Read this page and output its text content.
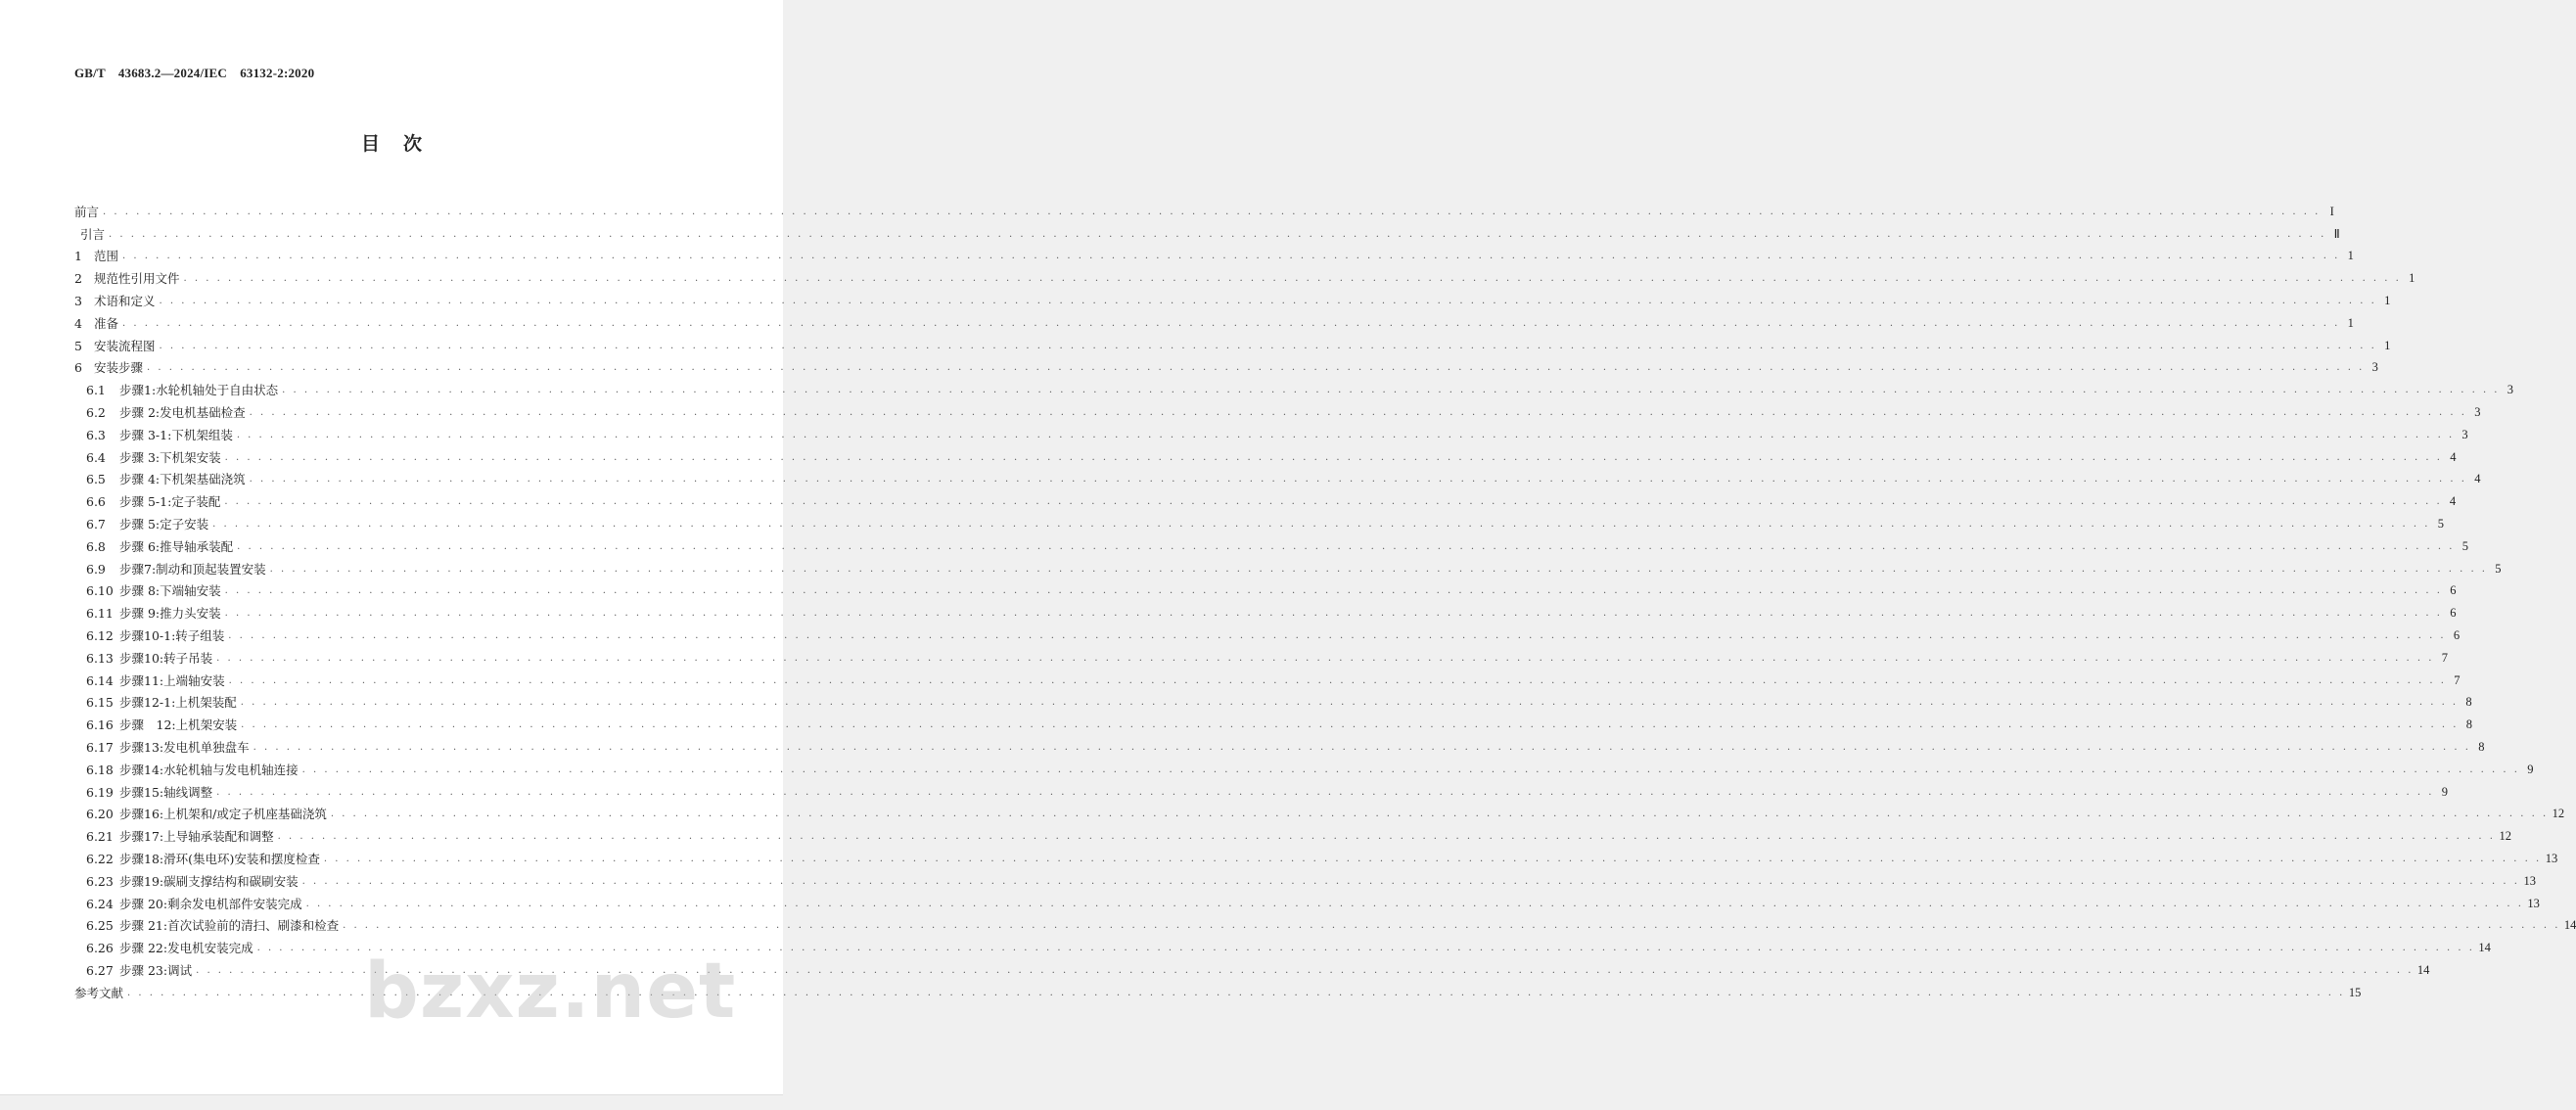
GB/T　43683.2—2024/IEC　63132-2:2020
目 次
前言 . . . . . . . . . . . . . . . . . . . . . . . . . . . . . . . . . . . . . . . . . . . . . . . . . . . . . . . . . . . . . . . . . . . . . . . . . . . . . . . . . . . . . . . . . . . . . . . . . . . . . . . . . . . . . . . . . . . . . . . . . . . . . . . . . . . . . . . . . . . . . . . . . . . . . . . . . . . . . . . . . . . . . . . . . . . . . . . . . . . . . . . . . . . . . . . . . . . . . . . . I
引言 . . . . . . . . . . . . . . . . . . . . . . . . . . . . . . . . . . . . . . . . . . . . . . . . . . . . . . . . . . . . . . . . . . . . . . . . . . . . . . . . . . . . . . . . . . . . . . . . . . . . . . . . . . . . . . . . . . . . . . . . . . . . . . . . . . . . . . . . . . . . . . . . . . . . . . . . . . . . . . . . . . . . . . . . . . . . . . . . . . . . . . . . . . . . . . . . . . . . . . . . Ⅱ
1 范围 . . . . . . . . . . . . . . . . . . . . . . . . . . . . . . . . . . . . . . . . . . . . . . . . . . . . . . . . . . . . . . . . . . . . . . . . . . . . . . . . . . . . . . . . . . . . . . . . . . . . . . . . . . . . . . . . . . . . . . . . . . . . . . . . . . . . . . . . . . . . . . . . . . . . . . . . . . . . . . . . . . . . . . . . . . . . . . . . . . . . . . . . . . . . . . . . . . . . . . . . 1
2 规范性引用文件 . . . . . . . . . . . . . . . . . . . . . . . . . . . . . . . . . . . . . . . . . . . . . . . . . . . . . . . . . . . . . . . . . . . . . . . . . . . . . . . . . . . . . . . . . . . . . . . . . . . . . . . . . . . . . . . . . . . . . . . . . . . . . . . . . . . . . . . . . . . . . . . . . . . . . . . . . . . . . . . . . . . . . . . . . . . . . . . . . . . . . . . . . . . . . . . . . . . . . . . . 1
3 术语和定义 . . . . . . . . . . . . . . . . . . . . . . . . . . . . . . . . . . . . . . . . . . . . . . . . . . . . . . . . . . . . . . . . . . . . . . . . . . . . . . . . . . . . . . . . . . . . . . . . . . . . . . . . . . . . . . . . . . . . . . . . . . . . . . . . . . . . . . . . . . . . . . . . . . . . . . . . . . . . . . . . . . . . . . . . . . . . . . . . . . . . . . . . . . . . . . . . . . . . . . . . 1
4 准备 . . . . . . . . . . . . . . . . . . . . . . . . . . . . . . . . . . . . . . . . . . . . . . . . . . . . . . . . . . . . . . . . . . . . . . . . . . . . . . . . . . . . . . . . . . . . . . . . . . . . . . . . . . . . . . . . . . . . . . . . . . . . . . . . . . . . . . . . . . . . . . . . . . . . . . . . . . . . . . . . . . . . . . . . . . . . . . . . . . . . . . . . . . . . . . . . . . . . . . . . 1
5 安装流程图 . . . . . . . . . . . . . . . . . . . . . . . . . . . . . . . . . . . . . . . . . . . . . . . . . . . . . . . . . . . . . . . . . . . . . . . . . . . . . . . . . . . . . . . . . . . . . . . . . . . . . . . . . . . . . . . . . . . . . . . . . . . . . . . . . . . . . . . . . . . . . . . . . . . . . . . . . . . . . . . . . . . . . . . . . . . . . . . . . . . . . . . . . . . . . . . . . . . . . . . . 1
6 安装步骤 . . . . . . . . . . . . . . . . . . . . . . . . . . . . . . . . . . . . . . . . . . . . . . . . . . . . . . . . . . . . . . . . . . . . . . . . . . . . . . . . . . . . . . . . . . . . . . . . . . . . . . . . . . . . . . . . . . . . . . . . . . . . . . . . . . . . . . . . . . . . . . . . . . . . . . . . . . . . . . . . . . . . . . . . . . . . . . . . . . . . . . . . . . . . . . . . . . . . . . . . 3
6.1	步骤1:水轮机轴处于自由状态 . . . . . . . . . . . . . . . . . . . . . . . . . . . . . . . . . . . . . . . . . . . . . . . . . . . . . . . . . . . . . . . . . . . . . . . . . . . . . . . . . . . . . . . . . . . . . . . . . . . . . . . . . . . . . . . . . . . . . . . . . . . . . . . . . . . . . . . . . . . . . . . . . . . . . . . . . . . . . . . . . . . . . . . . . . . . . . . . . . . . . . . . . . . . . . . . . . . . . . . . 3
6.2	步骤 2:发电机基础检查 . . . . . . . . . . . . . . . . . . . . . . . . . . . . . . . . . . . . . . . . . . . . . . . . . . . . . . . . . . . . . . . . . . . . . . . . . . . . . . . . . . . . . . . . . . . . . . . . . . . . . . . . . . . . . . . . . . . . . . . . . . . . . . . . . . . . . . . . . . . . . . . . . . . . . . . . . . . . . . . . . . . . . . . . . . . . . . . . . . . . . . . . . . . . . . . . . . . . . . . . 3
6.3	步骤 3-1:下机架组装 . . . . . . . . . . . . . . . . . . . . . . . . . . . . . . . . . . . . . . . . . . . . . . . . . . . . . . . . . . . . . . . . . . . . . . . . . . . . . . . . . . . . . . . . . . . . . . . . . . . . . . . . . . . . . . . . . . . . . . . . . . . . . . . . . . . . . . . . . . . . . . . . . . . . . . . . . . . . . . . . . . . . . . . . . . . . . . . . . . . . . . . . . . . . . . . . . . . . . . . . 3
6.4	步骤 3:下机架安装 . . . . . . . . . . . . . . . . . . . . . . . . . . . . . . . . . . . . . . . . . . . . . . . . . . . . . . . . . . . . . . . . . . . . . . . . . . . . . . . . . . . . . . . . . . . . . . . . . . . . . . . . . . . . . . . . . . . . . . . . . . . . . . . . . . . . . . . . . . . . . . . . . . . . . . . . . . . . . . . . . . . . . . . . . . . . . . . . . . . . . . . . . . . . . . . . . . . . . . . . 4
6.5	步骤 4:下机架基础浇筑 . . . . . . . . . . . . . . . . . . . . . . . . . . . . . . . . . . . . . . . . . . . . . . . . . . . . . . . . . . . . . . . . . . . . . . . . . . . . . . . . . . . . . . . . . . . . . . . . . . . . . . . . . . . . . . . . . . . . . . . . . . . . . . . . . . . . . . . . . . . . . . . . . . . . . . . . . . . . . . . . . . . . . . . . . . . . . . . . . . . . . . . . . . . . . . . . . . . . . . . . 4
6.6	步骤 5-1:定子装配 . . . . . . . . . . . . . . . . . . . . . . . . . . . . . . . . . . . . . . . . . . . . . . . . . . . . . . . . . . . . . . . . . . . . . . . . . . . . . . . . . . . . . . . . . . . . . . . . . . . . . . . . . . . . . . . . . . . . . . . . . . . . . . . . . . . . . . . . . . . . . . . . . . . . . . . . . . . . . . . . . . . . . . . . . . . . . . . . . . . . . . . . . . . . . . . . . . . . . . . . 4
6.7	步骤 5:定子安装 . . . . . . . . . . . . . . . . . . . . . . . . . . . . . . . . . . . . . . . . . . . . . . . . . . . . . . . . . . . . . . . . . . . . . . . . . . . . . . . . . . . . . . . . . . . . . . . . . . . . . . . . . . . . . . . . . . . . . . . . . . . . . . . . . . . . . . . . . . . . . . . . . . . . . . . . . . . . . . . . . . . . . . . . . . . . . . . . . . . . . . . . . . . . . . . . . . . . . . . . 5
6.8	步骤 6:推导轴承装配 . . . . . . . . . . . . . . . . . . . . . . . . . . . . . . . . . . . . . . . . . . . . . . . . . . . . . . . . . . . . . . . . . . . . . . . . . . . . . . . . . . . . . . . . . . . . . . . . . . . . . . . . . . . . . . . . . . . . . . . . . . . . . . . . . . . . . . . . . . . . . . . . . . . . . . . . . . . . . . . . . . . . . . . . . . . . . . . . . . . . . . . . . . . . . . . . . . . . . . . . 5
6.9	步骤7:制动和顶起装置安装 . . . . . . . . . . . . . . . . . . . . . . . . . . . . . . . . . . . . . . . . . . . . . . . . . . . . . . . . . . . . . . . . . . . . . . . . . . . . . . . . . . . . . . . . . . . . . . . . . . . . . . . . . . . . . . . . . . . . . . . . . . . . . . . . . . . . . . . . . . . . . . . . . . . . . . . . . . . . . . . . . . . . . . . . . . . . . . . . . . . . . . . . . . . . . . . . . . . . . . . . 5
6.10 步骤 8:下端轴安装 . . . . . . . . . . . . . . . . . . . . . . . . . . . . . . . . . . . . . . . . . . . . . . . . . . . . . . . . . . . . . . . . . . . . . . . . . . . . . . . . . . . . . . . . . . . . . . . . . . . . . . . . . . . . . . . . . . . . . . . . . . . . . . . . . . . . . . . . . . . . . . . . . . . . . . . . . . . . . . . . . . . . . . . . . . . . . . . . . . . . . . . . . . . . . . . . . . . . . . . . 6
6.11 步骤 9:推力头安装 . . . . . . . . . . . . . . . . . . . . . . . . . . . . . . . . . . . . . . . . . . . . . . . . . . . . . . . . . . . . . . . . . . . . . . . . . . . . . . . . . . . . . . . . . . . . . . . . . . . . . . . . . . . . . . . . . . . . . . . . . . . . . . . . . . . . . . . . . . . . . . . . . . . . . . . . . . . . . . . . . . . . . . . . . . . . . . . . . . . . . . . . . . . . . . . . . . . . . . . . 6
6.12 步骤10-1:转子组装 . . . . . . . . . . . . . . . . . . . . . . . . . . . . . . . . . . . . . . . . . . . . . . . . . . . . . . . . . . . . . . . . . . . . . . . . . . . . . . . . . . . . . . . . . . . . . . . . . . . . . . . . . . . . . . . . . . . . . . . . . . . . . . . . . . . . . . . . . . . . . . . . . . . . . . . . . . . . . . . . . . . . . . . . . . . . . . . . . . . . . . . . . . . . . . . . . . . . . . . . 6
6.13 步骤10:转子吊装 . . . . . . . . . . . . . . . . . . . . . . . . . . . . . . . . . . . . . . . . . . . . . . . . . . . . . . . . . . . . . . . . . . . . . . . . . . . . . . . . . . . . . . . . . . . . . . . . . . . . . . . . . . . . . . . . . . . . . . . . . . . . . . . . . . . . . . . . . . . . . . . . . . . . . . . . . . . . . . . . . . . . . . . . . . . . . . . . . . . . . . . . . . . . . . . . . . . . . . . . 7
6.14 步骤11:上端轴安装 . . . . . . . . . . . . . . . . . . . . . . . . . . . . . . . . . . . . . . . . . . . . . . . . . . . . . . . . . . . . . . . . . . . . . . . . . . . . . . . . . . . . . . . . . . . . . . . . . . . . . . . . . . . . . . . . . . . . . . . . . . . . . . . . . . . . . . . . . . . . . . . . . . . . . . . . . . . . . . . . . . . . . . . . . . . . . . . . . . . . . . . . . . . . . . . . . . . . . . . . 7
6.15 步骤12-1:上机架装配 . . . . . . . . . . . . . . . . . . . . . . . . . . . . . . . . . . . . . . . . . . . . . . . . . . . . . . . . . . . . . . . . . . . . . . . . . . . . . . . . . . . . . . . . . . . . . . . . . . . . . . . . . . . . . . . . . . . . . . . . . . . . . . . . . . . . . . . . . . . . . . . . . . . . . . . . . . . . . . . . . . . . . . . . . . . . . . . . . . . . . . . . . . . . . . . . . . . . . . . . 8
6.16 步骤　12:上机架安装 . . . . . . . . . . . . . . . . . . . . . . . . . . . . . . . . . . . . . . . . . . . . . . . . . . . . . . . . . . . . . . . . . . . . . . . . . . . . . . . . . . . . . . . . . . . . . . . . . . . . . . . . . . . . . . . . . . . . . . . . . . . . . . . . . . . . . . . . . . . . . . . . . . . . . . . . . . . . . . . . . . . . . . . . . . . . . . . . . . . . . . . . . . . . . . . . . . . . . . . . 8
6.17 步骤13:发电机单独盘车 . . . . . . . . . . . . . . . . . . . . . . . . . . . . . . . . . . . . . . . . . . . . . . . . . . . . . . . . . . . . . . . . . . . . . . . . . . . . . . . . . . . . . . . . . . . . . . . . . . . . . . . . . . . . . . . . . . . . . . . . . . . . . . . . . . . . . . . . . . . . . . . . . . . . . . . . . . . . . . . . . . . . . . . . . . . . . . . . . . . . . . . . . . . . . . . . . . . . . . . . 8
6.18 步骤14:水轮机轴与发电机轴连接 . . . . . . . . . . . . . . . . . . . . . . . . . . . . . . . . . . . . . . . . . . . . . . . . . . . . . . . . . . . . . . . . . . . . . . . . . . . . . . . . . . . . . . . . . . . . . . . . . . . . . . . . . . . . . . . . . . . . . . . . . . . . . . . . . . . . . . . . . . . . . . . . . . . . . . . . . . . . . . . . . . . . . . . . . . . . . . . . . . . . . . . . . . . . . . . . . . . . . . . . 9
6.19 步骤15:轴线调整 . . . . . . . . . . . . . . . . . . . . . . . . . . . . . . . . . . . . . . . . . . . . . . . . . . . . . . . . . . . . . . . . . . . . . . . . . . . . . . . . . . . . . . . . . . . . . . . . . . . . . . . . . . . . . . . . . . . . . . . . . . . . . . . . . . . . . . . . . . . . . . . . . . . . . . . . . . . . . . . . . . . . . . . . . . . . . . . . . . . . . . . . . . . . . . . . . . . . . . . . 9
6.20 步骤16:上机架和/或定子机座基础浇筑 . . . . . . . . . . . . . . . . . . . . . . . . . . . . . . . . . . . . . . . . . . . . . . . . . . . . . . . . . . . . . . . . . . . . . . . . . . . . . . . . . . . . . . . . . . . . . . . . . . . . . . . . . . . . . . . . . . . . . . . . . . . . . . . . . . . . . . . . . . . . . . . . . . . . . . . . . . . . . . . . . . . . . . . . . . . . . . . . . . . . . . . . . . . . . . . . . . . . . . . . 12
6.21 步骤17:上导轴承装配和调整 . . . . . . . . . . . . . . . . . . . . . . . . . . . . . . . . . . . . . . . . . . . . . . . . . . . . . . . . . . . . . . . . . . . . . . . . . . . . . . . . . . . . . . . . . . . . . . . . . . . . . . . . . . . . . . . . . . . . . . . . . . . . . . . . . . . . . . . . . . . . . . . . . . . . . . . . . . . . . . . . . . . . . . . . . . . . . . . . . . . . . . . . . . . . . . . . . . . . . . . . 12
6.22 步骤18:滑环(集电环)安装和摆度检查 . . . . . . . . . . . . . . . . . . . . . . . . . . . . . . . . . . . . . . . . . . . . . . . . . . . . . . . . . . . . . . . . . . . . . . . . . . . . . . . . . . . . . . . . . . . . . . . . . . . . . . . . . . . . . . . . . . . . . . . . . . . . . . . . . . . . . . . . . . . . . . . . . . . . . . . . . . . . . . . . . . . . . . . . . . . . . . . . . . . . . . . . . . . . . . . . . . . . . . . . 13
6.23 步骤19:碳刷支撑结构和碳刷安装 . . . . . . . . . . . . . . . . . . . . . . . . . . . . . . . . . . . . . . . . . . . . . . . . . . . . . . . . . . . . . . . . . . . . . . . . . . . . . . . . . . . . . . . . . . . . . . . . . . . . . . . . . . . . . . . . . . . . . . . . . . . . . . . . . . . . . . . . . . . . . . . . . . . . . . . . . . . . . . . . . . . . . . . . . . . . . . . . . . . . . . . . . . . . . . . . . . . . . . . . 13
6.24 步骤 20:剩余发电机部件安装完成 . . . . . . . . . . . . . . . . . . . . . . . . . . . . . . . . . . . . . . . . . . . . . . . . . . . . . . . . . . . . . . . . . . . . . . . . . . . . . . . . . . . . . . . . . . . . . . . . . . . . . . . . . . . . . . . . . . . . . . . . . . . . . . . . . . . . . . . . . . . . . . . . . . . . . . . . . . . . . . . . . . . . . . . . . . . . . . . . . . . . . . . . . . . . . . . . . . . . . . . . 13
6.25 步骤 21:首次试验前的清扫、刷漆和检查 . . . . . . . . . . . . . . . . . . . . . . . . . . . . . . . . . . . . . . . . . . . . . . . . . . . . . . . . . . . . . . . . . . . . . . . . . . . . . . . . . . . . . . . . . . . . . . . . . . . . . . . . . . . . . . . . . . . . . . . . . . . . . . . . . . . . . . . . . . . . . . . . . . . . . . . . . . . . . . . . . . . . . . . . . . . . . . . . . . . . . . . . . . . . . . . . . . . . . . . . 14
6.26 步骤 22:发电机安装完成 . . . . . . . . . . . . . . . . . . . . . . . . . . . . . . . . . . . . . . . . . . . . . . . . . . . . . . . . . . . . . . . . . . . . . . . . . . . . . . . . . . . . . . . . . . . . . . . . . . . . . . . . . . . . . . . . . . . . . . . . . . . . . . . . . . . . . . . . . . . . . . . . . . . . . . . . . . . . . . . . . . . . . . . . . . . . . . . . . . . . . . . . . . . . . . . . . . . . . . . . 14
6.27 步骤 23:调试 . . . . . . . . . . . . . . . . . . . . . . . . . . . . . . . . . . . . . . . . . . . . . . . . . . . . . . . . . . . . . . . . . . . . . . . . . . . . . . . . . . . . . . . . . . . . . . . . . . . . . . . . . . . . . . . . . . . . . . . . . . . . . . . . . . . . . . . . . . . . . . . . . . . . . . . . . . . . . . . . . . . . . . . . . . . . . . . . . . . . . . . . . . . . . . . . . . . . . . . . 14
参考文献 . . . . . . . . . . . . . . . . . . . . . . . . . . . . . . . . . . . . . . . . . . . . . . . . . . . . . . . . . . . . . . . . . . . . . . . . . . . . . . . . . . . . . . . . . . . . . . . . . . . . . . . . . . . . . . . . . . . . . . . . . . . . . . . . . . . . . . . . . . . . . . . . . . . . . . . . . . . . . . . . . . . . . . . . . . . . . . . . . . . . . . . . . . . . . . . . . . . . . . . . 15
bzxz.net
